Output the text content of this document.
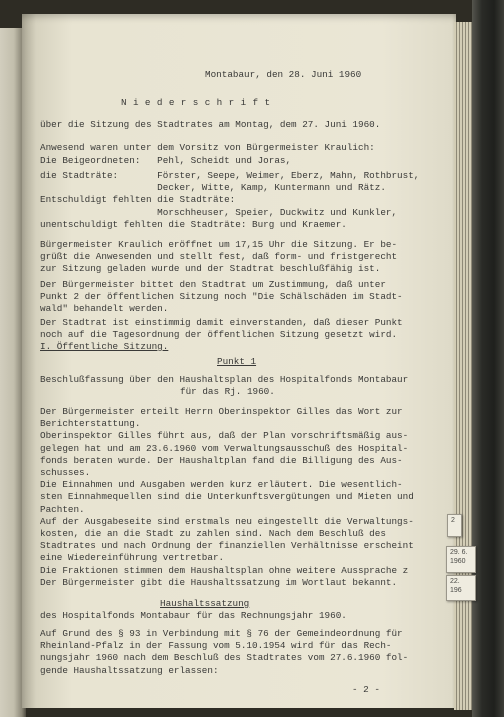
Montabaur, den 28. Juni 1960

N i e d e r s c h r i f t

über die Sitzung des Stadtrates am Montag, dem 27. Juni 1960.

Anwesend waren unter dem Vorsitz von Bürgermeister Kraulich:
Die Beigeordneten:   Pehl, Scheidt und Joras,

die Stadträte:       Förster, Seepe, Weimer, Eberz, Mahn, Rothbrust,
Decker, Witte, Kamp, Kuntermann und Rätz.
Entschuldigt fehlten die Stadträte:
Morschheuser, Speier, Duckwitz und Kunkler,
unentschuldigt fehlten die Stadträte: Burg und Kraemer.

Bürgermeister Kraulich eröffnet um 17,15 Uhr die Sitzung. Er be-
grüßt die Anwesenden und stellt fest, daß form- und fristgerecht
zur Sitzung geladen wurde und der Stadtrat beschlußfähig ist.

Der Bürgermeister bittet den Stadtrat um Zustimmung, daß unter
Punkt 2 der öffentlichen Sitzung noch "Die Schälschäden im Stadt-
wald" behandelt werden.

Der Stadtrat ist einstimmig damit einverstanden, daß dieser Punkt
noch auf die Tagesordnung der öffentlichen Sitzung gesetzt wird.

I. Öffentliche Sitzung.

Punkt 1

Beschlußfassung über den Haushaltsplan des Hospitalfonds Montabaur

für das Rj. 1960.

Der Bürgermeister erteilt Herrn Oberinspektor Gilles das Wort zur
Berichterstattung.
Oberinspektor Gilles führt aus, daß der Plan vorschriftsmäßig aus-
gelegen hat und am 23.6.1960 vom Verwaltungsausschuß des Hospital-
fonds beraten wurde. Der Haushaltplan fand die Billigung des Aus-
schusses.
Die Einnahmen und Ausgaben werden kurz erläutert. Die wesentlich-
sten Einnahmequellen sind die Unterkunftsvergütungen und Mieten und
Pachten.
Auf der Ausgabeseite sind erstmals neu eingestellt die Verwaltungs-
kosten, die an die Stadt zu zahlen sind. Nach dem Beschluß des
Stadtrates und nach Ordnung der finanziellen Verhältnisse erscheint
eine Wiedereinführung vertretbar.
Die Fraktionen stimmen dem Haushaltsplan ohne weitere Aussprache z
Der Bürgermeister gibt die Haushaltssatzung im Wortlaut bekannt.

Haushaltssatzung

des Hospitalfonds Montabaur für das Rechnungsjahr 1960.

Auf Grund des § 93 in Verbindung mit § 76 der Gemeindeordnung für
Rheinland-Pfalz in der Fassung vom 5.10.1954 wird für das Rech-
nungsjahr 1960 nach dem Beschluß des Stadtrates vom 27.6.1960 fol-
gende Haushaltssatzung erlassen:

- 2 -

2
29. 6.
1960
22.
196
